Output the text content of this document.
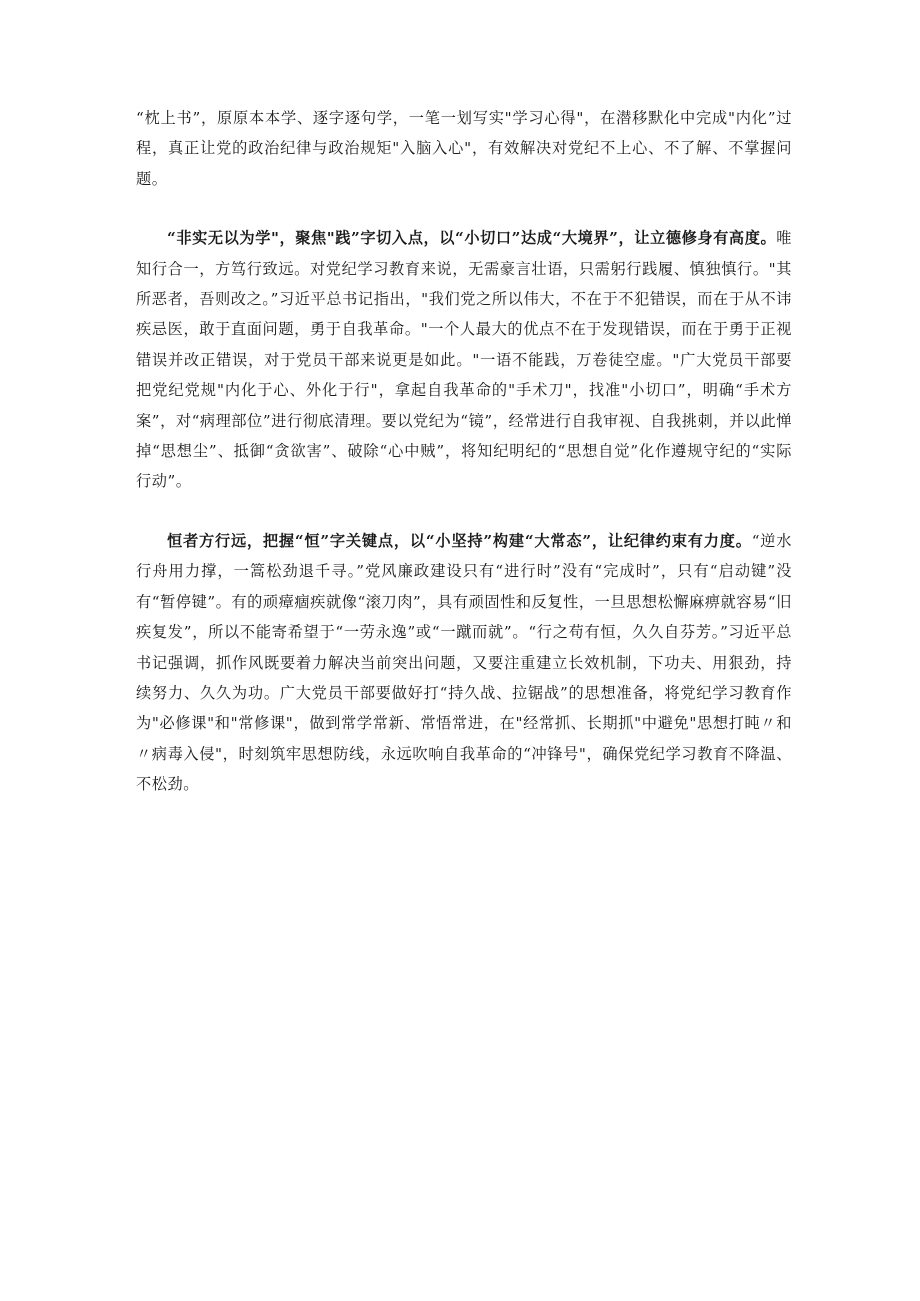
“枕上书”，原原本本学、逐字逐句学，一笔一划写实"学习心得"，在潜移默化中完成"内化”过程，真正让党的政治纪律与政治规矩"入脑入心"，有效解决对党纪不上心、不了解、不掌握问题。

“非实无以为学"，聚焦"践”字切入点，以“小切口”达成“大境界”，让立德修身有高度。唯知行合一，方笃行致远。对党纪学习教育来说，无需豪言壮语，只需躬行践履、慎独慎行。"其所恶者，吾则改之。”习近平总书记指出，"我们党之所以伟大，不在于不犯错误，而在于从不讳疾忌医，敢于直面问题，勇于自我革命。"一个人最大的优点不在于发现错误，而在于勇于正视错误并改正错误，对于党员干部来说更是如此。"一语不能践，万卷徒空虚。"广大党员干部要把党纪党规"内化于心、外化于行"，拿起自我革命的"手术刀"，找准"小切口”，明确“手术方案”，对“病理部位”进行彻底清理。要以党纪为“镜”，经常进行自我审视、自我挑刺，并以此惮掉“思想尘”、抵御“贪欲害”、破除“心中贼”，将知纪明纪的“思想自觉”化作遵规守纪的“实际行动”。

恒者方行远，把握“恒”字关键点，以“小坚持”构建“大常态”，让纪律约束有力度。“逆水行舟用力撑，一篙松劲退千寻。”党风廉政建设只有“进行时”没有“完成时”，只有“启动键”没有“暂停键”。有的顽瘴痼疾就像“滚刀肉”，具有顽固性和反复性，一旦思想松懈麻痹就容易“旧疾复发”，所以不能寄希望于“一劳永逸”或“一蹴而就”。“行之苟有恒，久久自芬芳。”习近平总书记强调，抓作风既要着力解决当前突出问题，又要注重建立长效机制，下功夫、用狠劲，持续努力、久久为功。广大党员干部要做好打“持久战、拉锯战”的思想准备，将党纪学习教育作为"必修课"和"常修课"，做到常学常新、常悟常进，在"经常抓、长期抓"中避免"思想打盹〃和〃病毒入侵"，时刻筑牢思想防线，永远吹响自我革命的“冲锋号"，确保党纪学习教育不降温、不松劲。
